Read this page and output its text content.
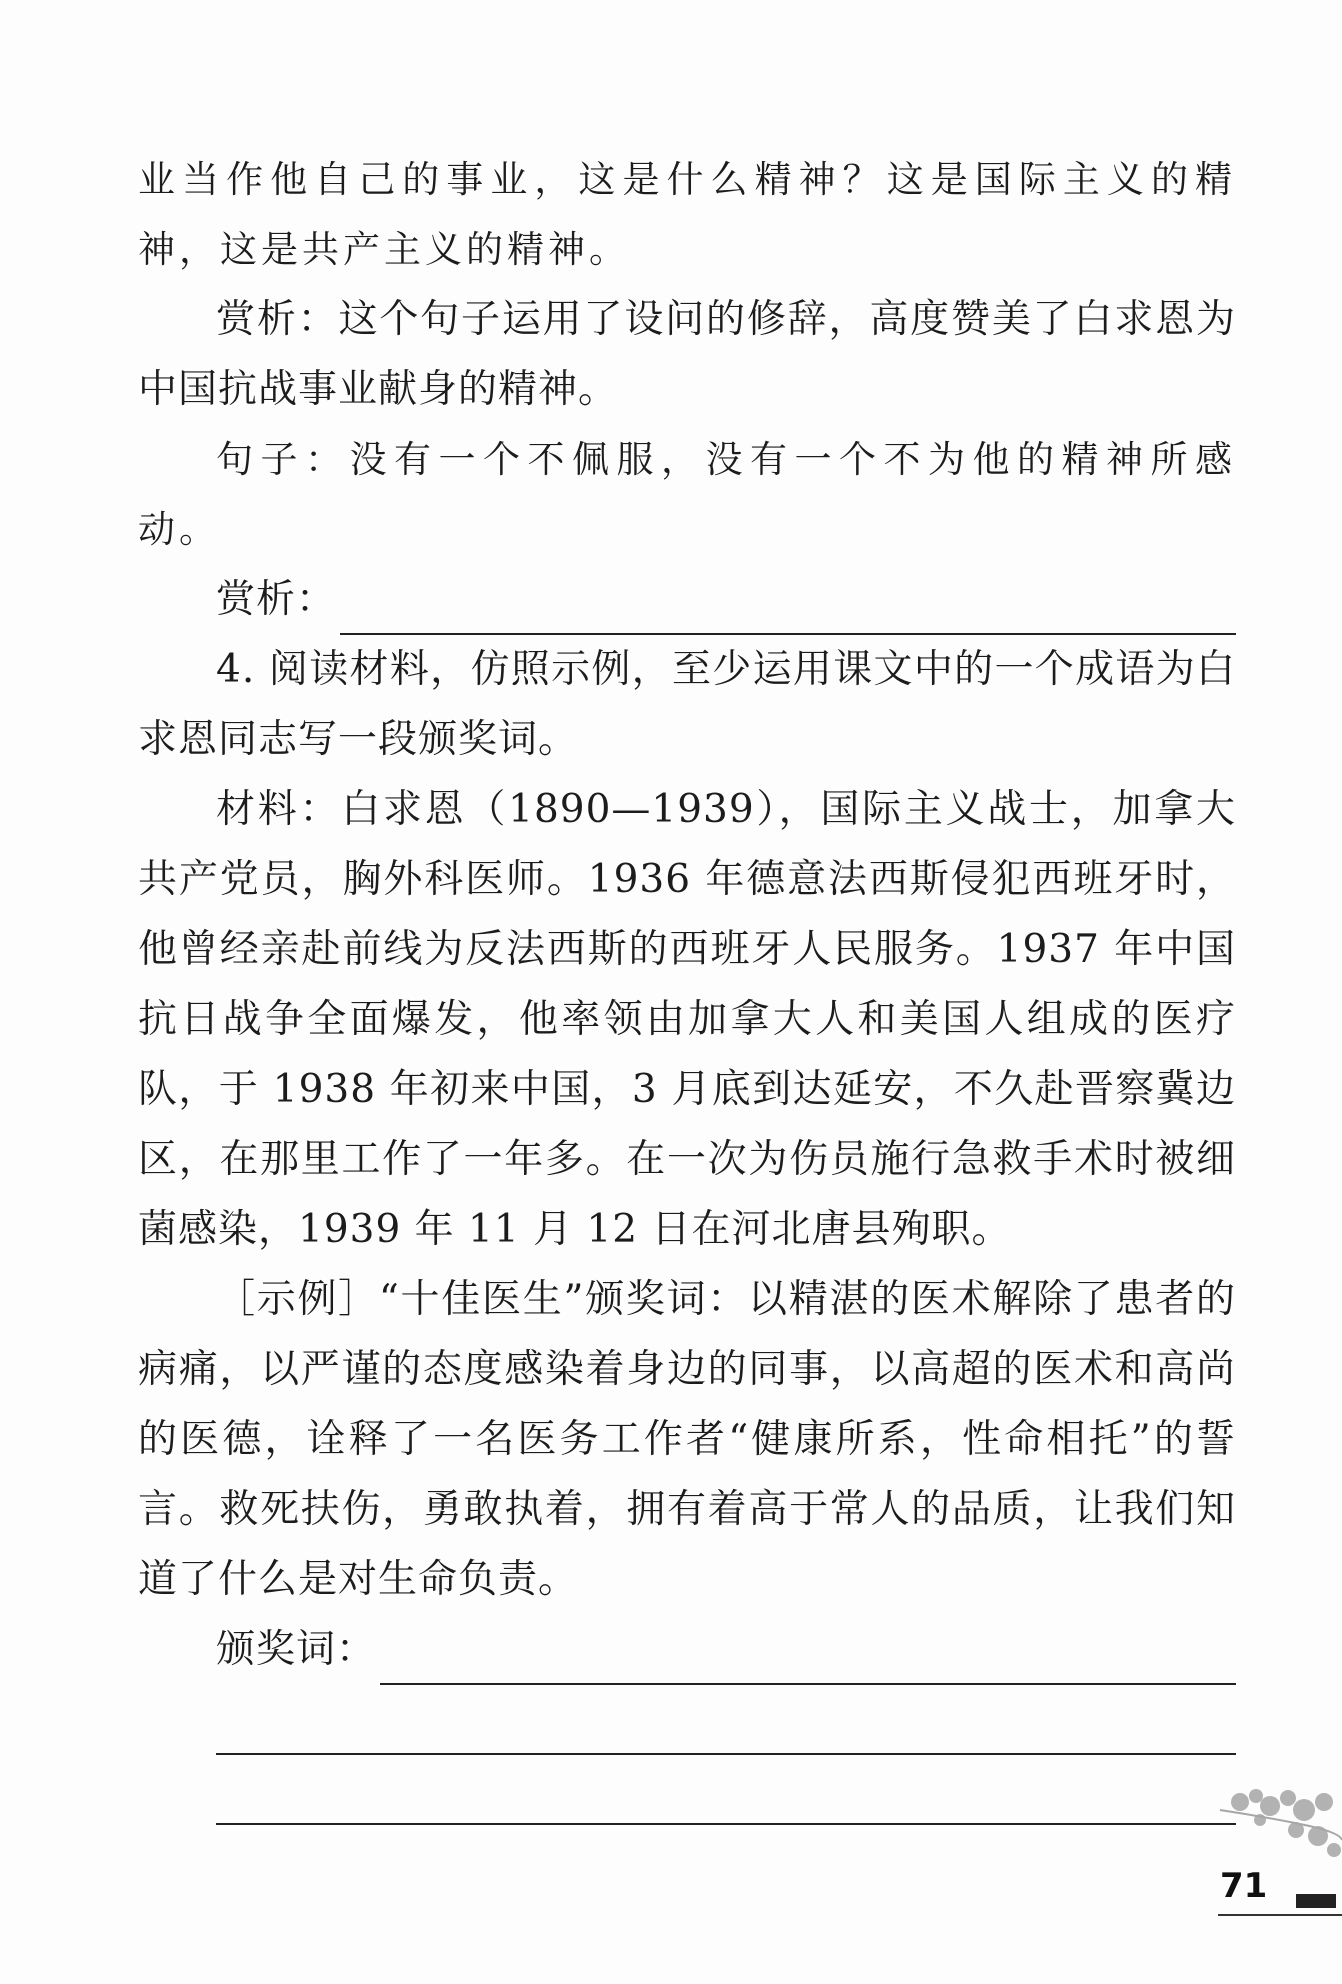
业当作他自己的事业，这是什么精神？这是国际主义的精神，这是共产主义的精神。

赏析：这个句子运用了设问的修辞，高度赞美了白求恩为中国抗战事业献身的精神。

句子：没有一个不佩服，没有一个不为他的精神所感动。

赏析：

4. 阅读材料，仿照示例，至少运用课文中的一个成语为白求恩同志写一段颁奖词。

材料：白求恩（1890—1939），国际主义战士，加拿大共产党员，胸外科医师。1936 年德意法西斯侵犯西班牙时，他曾经亲赴前线为反法西斯的西班牙人民服务。1937 年中国抗日战争全面爆发，他率领由加拿大人和美国人组成的医疗队，于 1938 年初来中国，3 月底到达延安，不久赴晋察冀边区，在那里工作了一年多。在一次为伤员施行急救手术时被细菌感染，1939 年 11 月 12 日在河北唐县殉职。

［示例］“十佳医生”颁奖词：以精湛的医术解除了患者的病痛，以严谨的态度感染着身边的同事，以高超的医术和高尚的医德，诠释了一名医务工作者“健康所系，性命相托”的誓言。救死扶伤，勇敢执着，拥有着高于常人的品质，让我们知道了什么是对生命负责。

颁奖词：
71
